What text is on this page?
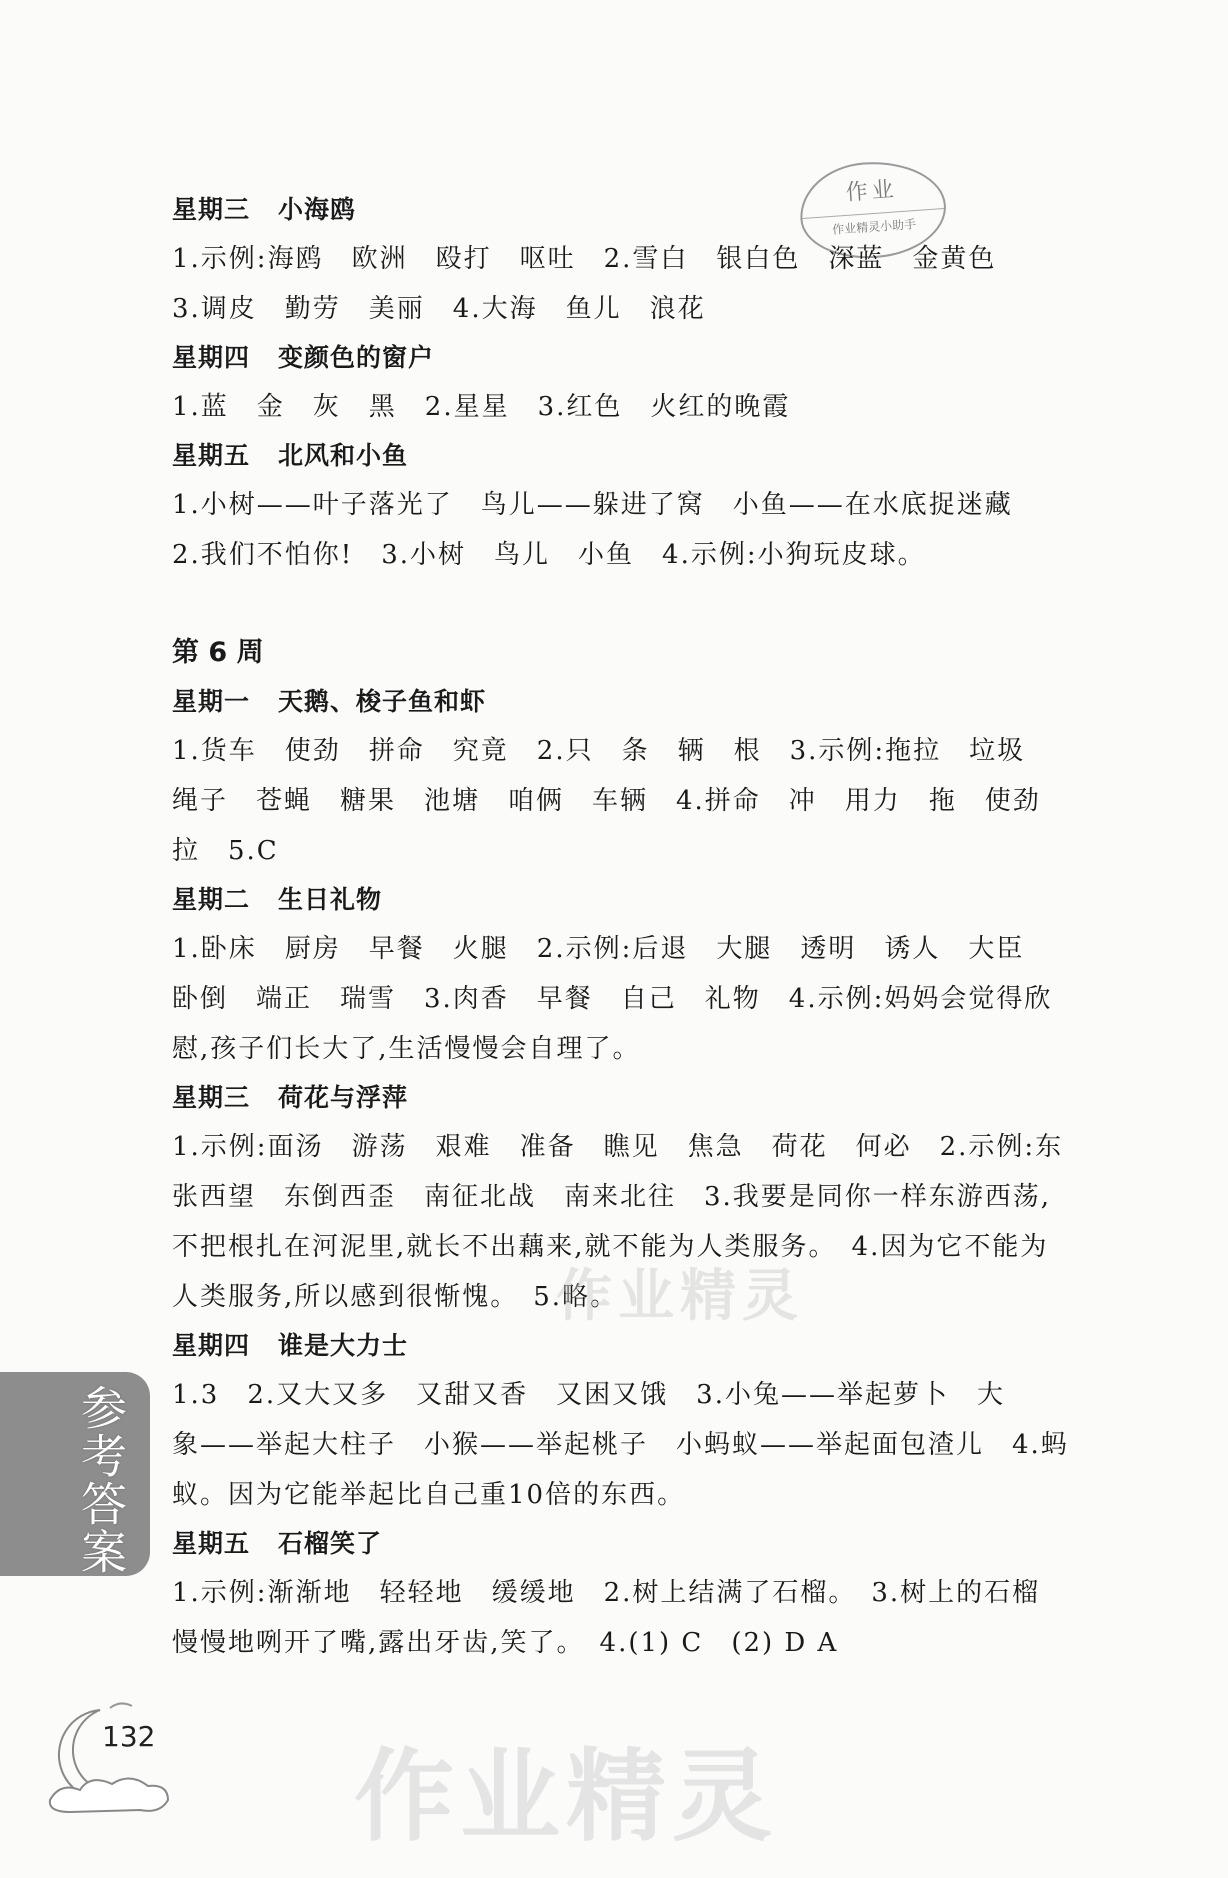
作业
作业精灵小助手
星期三 小海鸥

1.示例:海鸥　欧洲　殴打　呕吐　2.雪白　银白色　深蓝　金黄色

3.调皮　勤劳　美丽　4.大海　鱼儿　浪花

星期四 变颜色的窗户

1.蓝　金　灰　黑　2.星星　3.红色　火红的晚霞

星期五 北风和小鱼

1.小树——叶子落光了　鸟儿——躲进了窝　小鱼——在水底捉迷藏

2.我们不怕你!　3.小树　鸟儿　小鱼　4.示例:小狗玩皮球。

第 6 周
星期一 天鹅、梭子鱼和虾

1.货车　使劲　拼命　究竟　2.只　条　辆　根　3.示例:拖拉　垃圾

绳子　苍蝇　糖果　池塘　咱俩　车辆　4.拼命　冲　用力　拖　使劲

拉　5.C

星期二 生日礼物

1.卧床　厨房　早餐　火腿　2.示例:后退　大腿　透明　诱人　大臣

卧倒　端正　瑞雪　3.肉香　早餐　自己　礼物　4.示例:妈妈会觉得欣

慰,孩子们长大了,生活慢慢会自理了。

星期三 荷花与浮萍

1.示例:面汤　游荡　艰难　准备　瞧见　焦急　荷花　何必　2.示例:东

张西望　东倒西歪　南征北战　南来北往　3.我要是同你一样东游西荡,

不把根扎在河泥里,就长不出藕来,就不能为人类服务。　4.因为它不能为

人类服务,所以感到很惭愧。　5.略。

星期四 谁是大力士

1.3　2.又大又多　又甜又香　又困又饿　3.小兔——举起萝卜　大

象——举起大柱子　小猴——举起桃子　小蚂蚁——举起面包渣儿　4.蚂

蚁。因为它能举起比自己重10倍的东西。

星期五 石榴笑了

1.示例:渐渐地　轻轻地　缓缓地　2.树上结满了石榴。　3.树上的石榴

慢慢地咧开了嘴,露出牙齿,笑了。　4.(1) C　(2) D A

作业精灵
作业精灵
参考答案
132
